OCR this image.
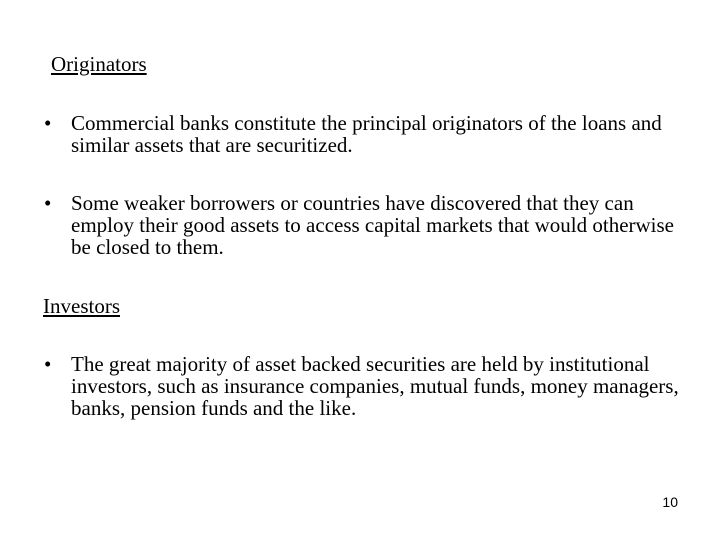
Originators
• Commercial banks constitute the principal originators of the loans and similar assets that are securitized.
• Some weaker borrowers or countries have discovered that they can employ their good assets to access capital markets that would otherwise be closed to them.
Investors
• The great majority of asset backed securities are held by institutional investors, such as insurance companies, mutual funds, money managers, banks, pension funds and the like.
10
